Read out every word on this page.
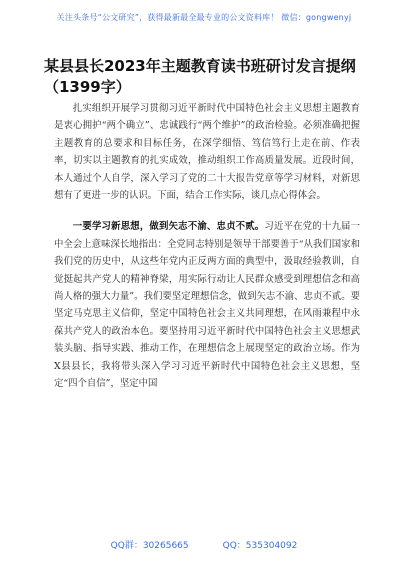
关注头条号“公文研究”，获得最新最全最专业的公文资料库！ 微信：gongwenyj
某县县长2023年主题教育读书班研讨发言提纲（1399字）

扎实组织开展学习贯彻习近平新时代中国特色社会主义思想主题教育是衷心拥护“两个确立”、忠诚践行“两个维护”的政治检验。必须准确把握主题教育的总要求和目标任务，在深学细悟、笃信笃行上走在前、作表率，切实以主题教育的扎实成效，推动组织工作高质量发展。近段时间，本人通过个人自学，深入学习了党的二十大报告党章等学习材料，对新思想有了更进一步的认识。下面，结合工作实际，谈几点心得体会。

一要学习新思想，做到矢志不渝、忠贞不贰。习近平在党的十九届一中全会上意味深长地指出：全党同志特别是领导干部要善于“从我们国家和我们党的历史中，从这些年党内正反两方面的典型中，汲取经验教训，自觉挺起共产党人的精神脊梁，用实际行动让人民群众感受到理想信念和高尚人格的强大力量”。我们要坚定理想信念，做到矢志不渝、忠贞不贰。要坚定马克思主义信仰，坚定中国特色社会主义共同理想，在风雨兼程中永葆共产党人的政治本色。要坚持用习近平新时代中国特色社会主义思想武装头脑、指导实践、推动工作，在理想信念上展现坚定的政治立场。作为X县县长，我将带头深入学习习近平新时代中国特色社会主义思想，坚定“四个自信”，坚定中国

QQ群：30265665	QQ：535304092
